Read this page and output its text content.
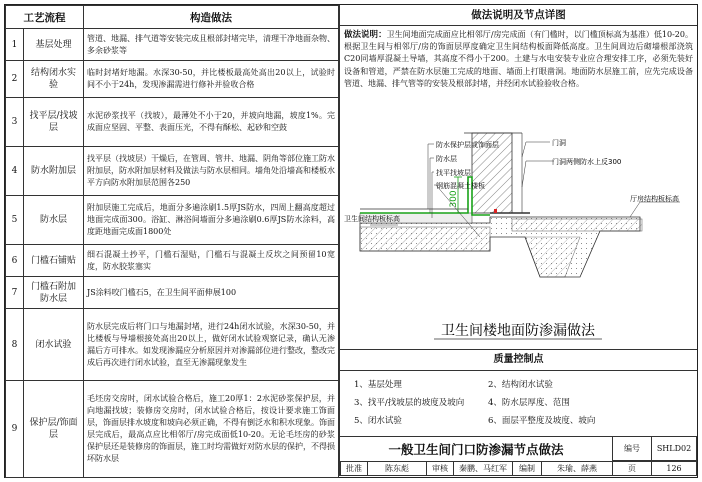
工艺流程		构造做法
1	基层处理	管道、地漏、排气道等安装完成且根部封堵完毕，清理干净地面杂物、多余砂浆等
2	结构闭水实验	临时封堵好地漏。水深30-50，并比楼板最高处高出20以上，试验时间不小于24h，发现渗漏需进行修补并验收合格
3	找平层/找坡层	水泥砂浆找平（找坡），最薄处不小于20，并坡向地漏，坡度1%。完成面应坚固、平整、表面压光，不得有酥松、起砂和空鼓
4	防水附加层	找平层（找坡层）干燥后，在管周、管井、地漏、阴角等部位施工防水附加层，防水附加层材料及做法与防水层相同。墙角处沿墙高和楼板水平方向防水附加层范围各250
5	防水层	附加层施工完成后，地面分多遍涂刷1.5厚JS防水，四周上翻高度超过地面完成面300。浴缸、淋浴间墙面分多遍涂刷0.6厚JS防水涂料，高度距地面完成面1800处
6	门槛石铺贴	细石混凝土抄平，门槛石湿贴，门槛石与混凝土反坎之间预留10宽度，防水胶浆塞实
7	门槛石附加防水层	JS涂料咬门槛石5，在卫生间平面伸展100
8	闭水试验	防水层完成后将门口与地漏封堵，进行24h闭水试验，水深30-50，并比楼板与导墙根接处高出20以上，做好闭水试验观察记录，确认无渗漏后方可排水。如发现渗漏应分析原因并对渗漏部位进行整改，整改完成后再次进行闭水试验，直至无渗漏现象发生
9	保护层/饰面层	毛坯房交房时，闭水试验合格后，施工20厚1：2水泥砂浆保护层，并向地漏找坡；装修房交房时，闭水试验合格后，按设计要求施工饰面层，饰面层排水坡度和坡向必须正确，不得有倒泛水和积水现象。饰面层完成后，最高点应比相邻厅/房完成面低10-20。无论毛坯房的砂浆保护层还是装修房的饰面层，施工时均需做好对防水层的保护，不得损坏防水层
做法说明及节点详图
做法说明：卫生间地面完成面应比相邻厅/房完成面（有门槛时，以门槛顶标高为基准）低10-20。根据卫生间与相邻厅/房的饰面层厚度确定卫生间结构板面降低高度。卫生间周边后砌墙根部浇筑C20同墙厚混凝土导墙，其高度不得小于200。土建与水电安装专业应合理安排工序，必须先装好设备和管道，严禁在防水层施工完成的地面、墙面上打眼凿洞。地面防水层施工前，应先完成设备管道、地漏、排气管等的安装及根部封堵，并经闭水试验验收合格。
300
防水保护层或饰面层
防水层
找平找坡层
钢筋混凝土楼板
卫生间结构板标高
门洞
门洞两侧防水上反300
厅房结构板标高
卫生间楼地面防渗漏做法
质量控制点
1、基层处理	2、结构闭水试验
3、找平/找坡层的坡度及坡向	4、防水层厚度、范围
5、闭水试验	6、面层平整度及坡度、坡向
一般卫生间门口防渗漏节点做法	编号	SHLD02
批准	陈东彪	审核	秦鹏、马红军	编制	朱瑜、薛燕	页	126
